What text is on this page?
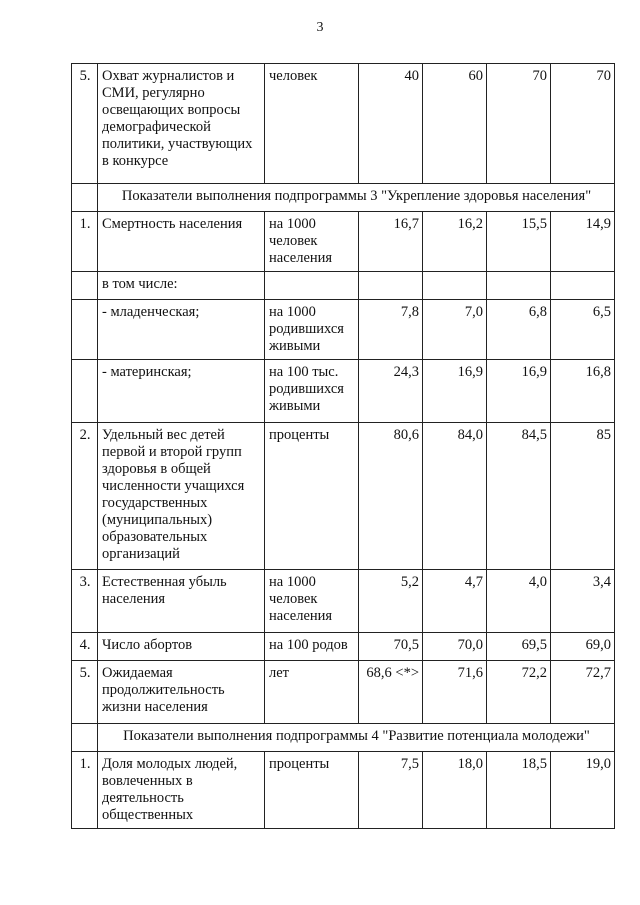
3
5.	Охват журналистов и СМИ, регулярно освещающих вопросы демографической политики, участвующих в конкурсе	человек	40	60	70	70
	Показатели выполнения подпрограммы 3 "Укрепление здоровья населения"					
1.	Смертность населения	на 1000 человек населения	16,7	16,2	15,5	14,9
	в том числе:					
	- младенческая;	на 1000 родившихся живыми	7,8	7,0	6,8	6,5
	- материнская;	на 100 тыс. родившихся живыми	24,3	16,9	16,9	16,8
2.	Удельный вес детей первой и второй групп здоровья в общей численности учащихся государственных (муниципальных) образовательных организаций	проценты	80,6	84,0	84,5	85
3.	Естественная убыль населения	на 1000 человек населения	5,2	4,7	4,0	3,4
4.	Число абортов	на 100 родов	70,5	70,0	69,5	69,0
5.	Ожидаемая продолжительность жизни населения	лет	68,6 <*>	71,6	72,2	72,7
	Показатели выполнения подпрограммы 4 "Развитие потенциала молодежи"					
1.	Доля молодых людей, вовлеченных в деятельность общественных	проценты	7,5	18,0	18,5	19,0
